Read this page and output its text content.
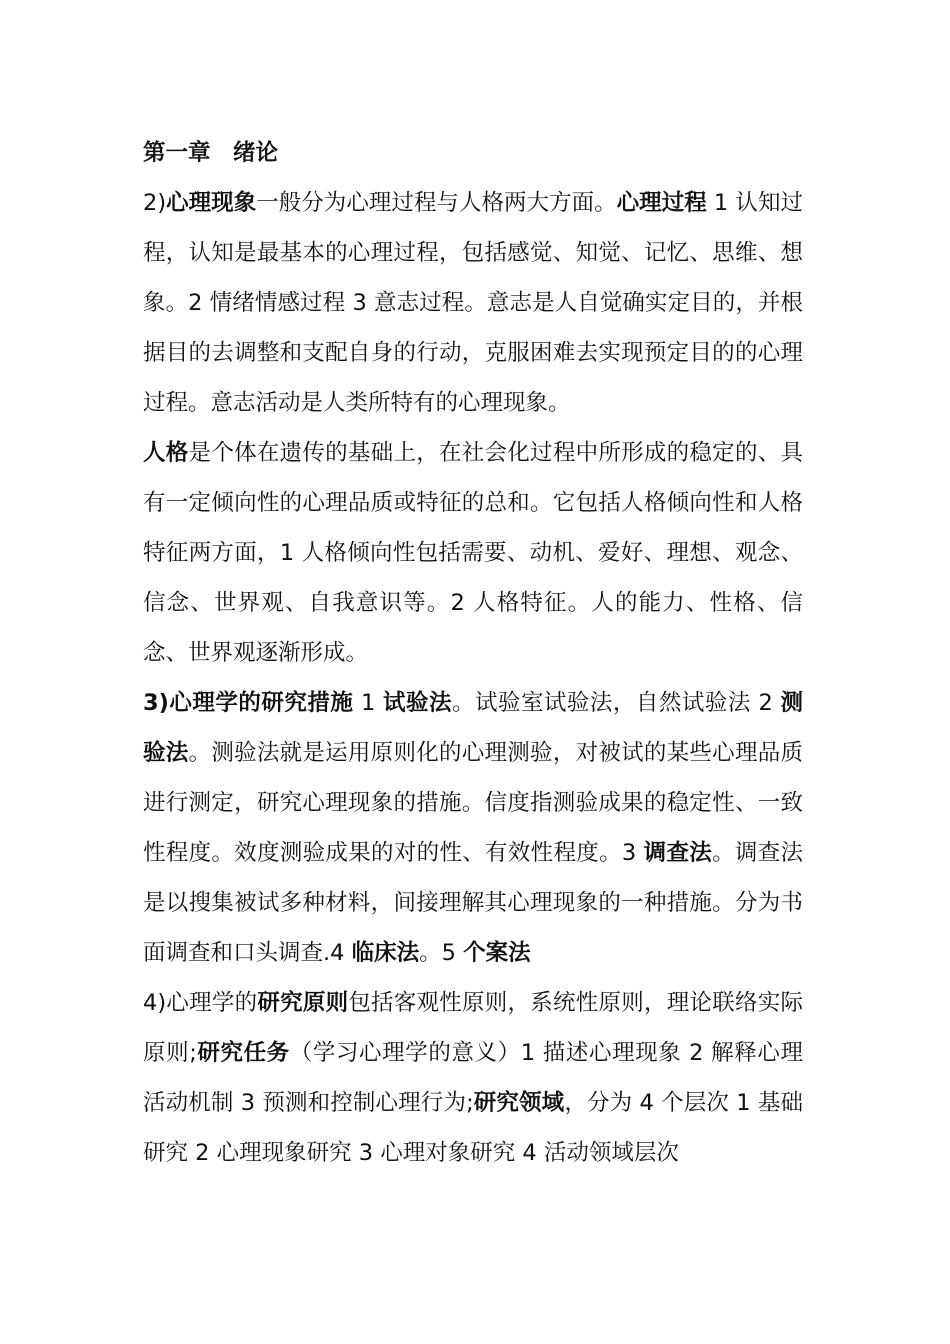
第一章　绪论

2)心理现象一般分为心理过程与人格两大方面。心理过程 1 认知过程，认知是最基本的心理过程，包括感觉、知觉、记忆、思维、想象。2 情绪情感过程 3 意志过程。意志是人自觉确实定目的，并根据目的去调整和支配自身的行动，克服困难去实现预定目的的心理过程。意志活动是人类所特有的心理现象。

人格是个体在遗传的基础上，在社会化过程中所形成的稳定的、具有一定倾向性的心理品质或特征的总和。它包括人格倾向性和人格特征两方面，1 人格倾向性包括需要、动机、爱好、理想、观念、信念、世界观、自我意识等。2 人格特征。人的能力、性格、信念、世界观逐渐形成。

3)心理学的研究措施 1 试验法。试验室试验法，自然试验法 2 测验法。测验法就是运用原则化的心理测验，对被试的某些心理品质进行测定，研究心理现象的措施。信度指测验成果的稳定性、一致性程度。效度测验成果的对的性、有效性程度。3 调查法。调查法是以搜集被试多种材料，间接理解其心理现象的一种措施。分为书面调查和口头调查.4 临床法。5 个案法

4)心理学的研究原则包括客观性原则，系统性原则，理论联络实际原则;研究任务（学习心理学的意义）1 描述心理现象 2 解释心理活动机制 3 预测和控制心理行为;研究领域，分为 4 个层次 1 基础研究 2 心理现象研究 3 心理对象研究 4 活动领域层次
